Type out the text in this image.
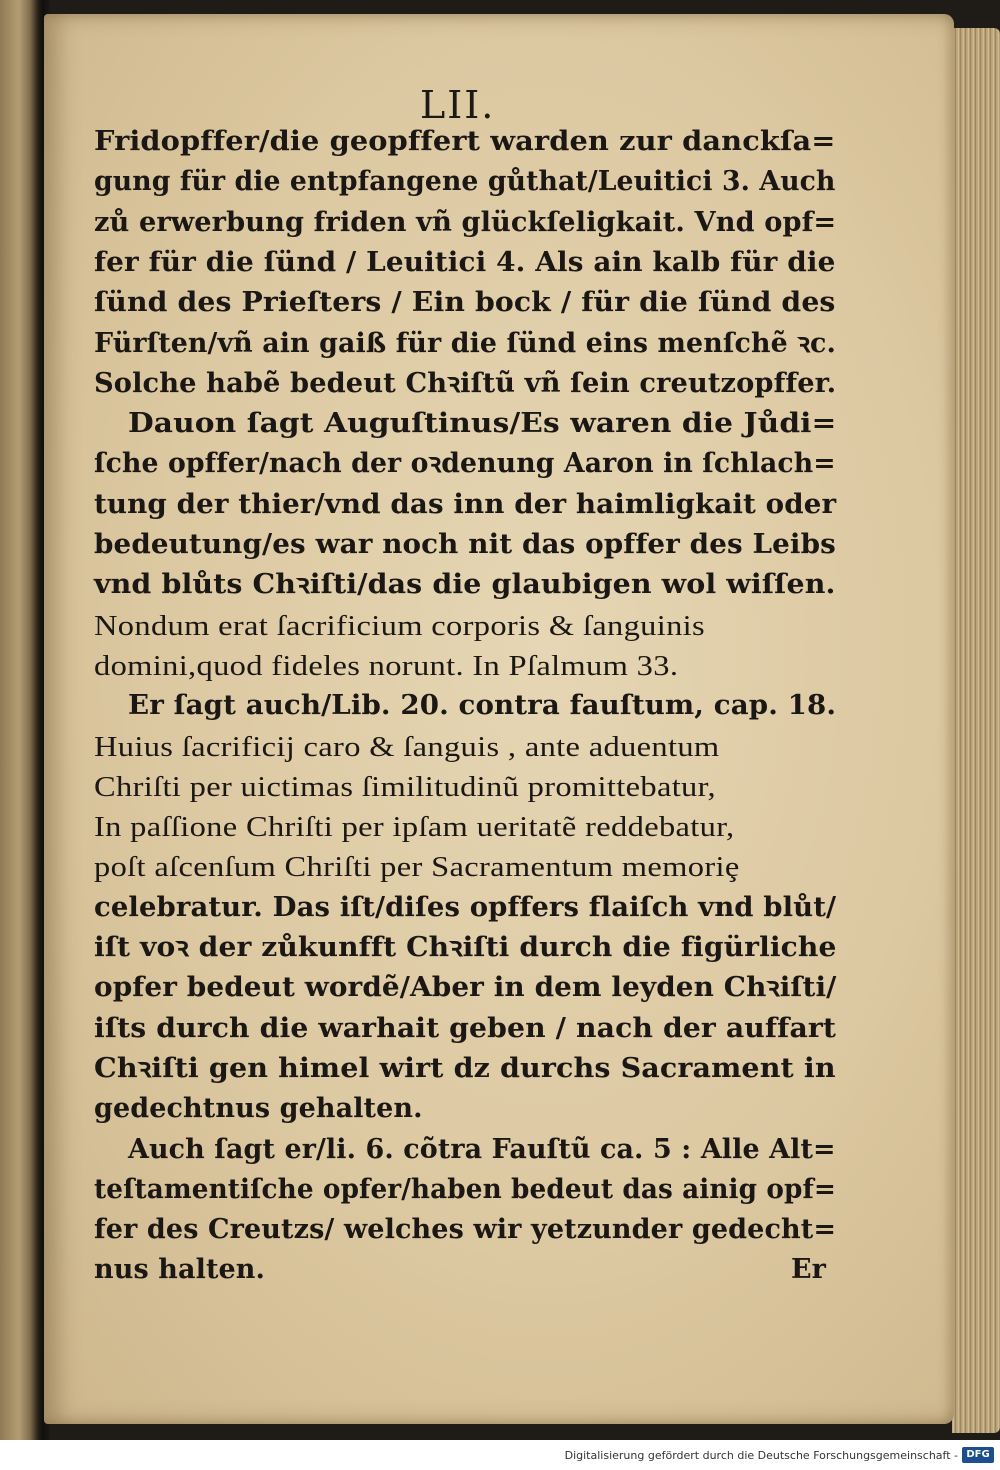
LII.

Fridopffer/die geopffert warden zur danckſa=
gung für die entpfangene gůthat/Leuitici 3. Auch
zů erwerbung friden vñ glückſeligkait. Vnd opf=
fer für die ſünd / Leuitici 4. Als ain kalb für die
ſünd des Prieſters / Ein bock / für die ſünd des
Fürſten/vñ ain gaiß für die ſünd eins menſchẽ ꝛc.
Solche habẽ bedeut Chꝛiſtũ vñ ſein creutzopffer.
Dauon ſagt Auguſtinus/Es waren die Jůdi=
ſche opffer/nach der oꝛdenung Aaron in ſchlach=
tung der thier/vnd das inn der haimligkait oder
bedeutung/es war noch nit das opffer des Leibs
vnd blůts Chꝛiſti/das die glaubigen wol wiſſen.
Nondum erat ſacrificium corporis & ſanguinis
domini,quod fideles norunt. In Pſalmum 33.
Er ſagt auch/Lib. 20. contra fauſtum, cap. 18.
Huius ſacrificij caro & ſanguis , ante aduentum
Chriſti per uictimas ſimilitudinũ promittebatur,
In paſſione Chriſti per ipſam ueritatẽ reddebatur,
poſt aſcenſum Chriſti per Sacramentum memoriȩ
celebratur. Das iſt/diſes opffers flaiſch vnd blůt/
iſt voꝛ der zůkunfft Chꝛiſti durch die figürliche
opfer bedeut wordẽ/Aber in dem leyden Chꝛiſti/
iſts durch die warhait geben / nach der auffart
Chꝛiſti gen himel wirt dz durchs Sacrament in
gedechtnus gehalten.
Auch ſagt er/li. 6. cõtra Fauſtũ ca. 5 : Alle Alt=
teſtamentiſche opfer/haben bedeut das ainig opf=
fer des Creutzs/ welches wir yetzunder gedecht=
nus halten.	Er

Digitalisierung gefördert durch die Deutsche Forschungsgemeinschaft - DFG
